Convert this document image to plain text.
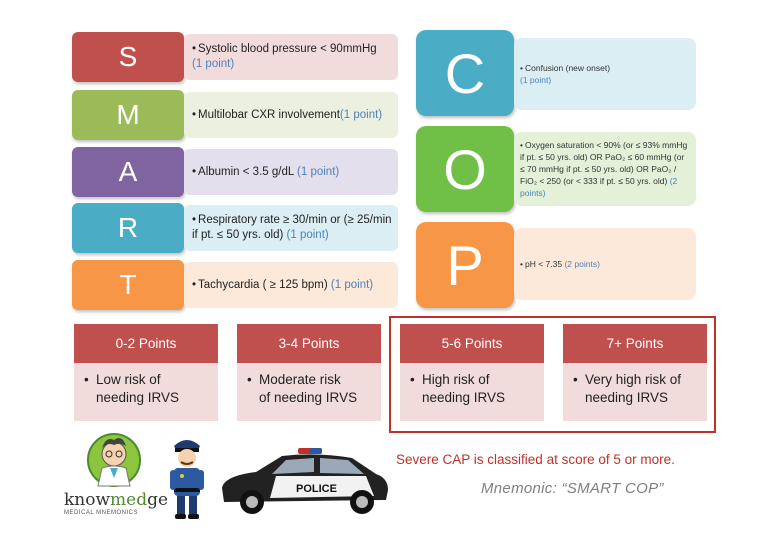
S	• Systolic blood pressure < 90mmHg
(1 point)
M	• Multilobar CXR involvement(1 point)
A	• Albumin < 3.5 g/dL (1 point)
R	• Respiratory rate ≥ 30/min or (≥ 25/min if pt. ≤ 50 yrs. old) (1 point)
T	• Tachycardia ( ≥ 125 bpm) (1 point)
C	• Confusion (new onset)
(1 point)
O	• Oxygen saturation < 90% (or ≤ 93% mmHg if pt. ≤ 50 yrs. old) OR PaO₂ ≤ 60 mmHg (or ≤ 70 mmHg if pt. ≤ 50 yrs. old) OR PaO₂ / FiO₂ < 250 (or < 333 if pt. ≤ 50 yrs. old) (2 points)
P	• pH < 7.35 (2 points)
0-2 Points
• Low risk of
needing IRVS
3-4 Points
• Moderate risk
of needing IRVS
5-6 Points
• High risk of
needing IRVS
7+ Points
• Very high risk of
needing IRVS
knowmedge
MEDICAL MNEMONICS
POLICE
Severe CAP is classified at score of 5 or more.
Mnemonic: “SMART COP”
